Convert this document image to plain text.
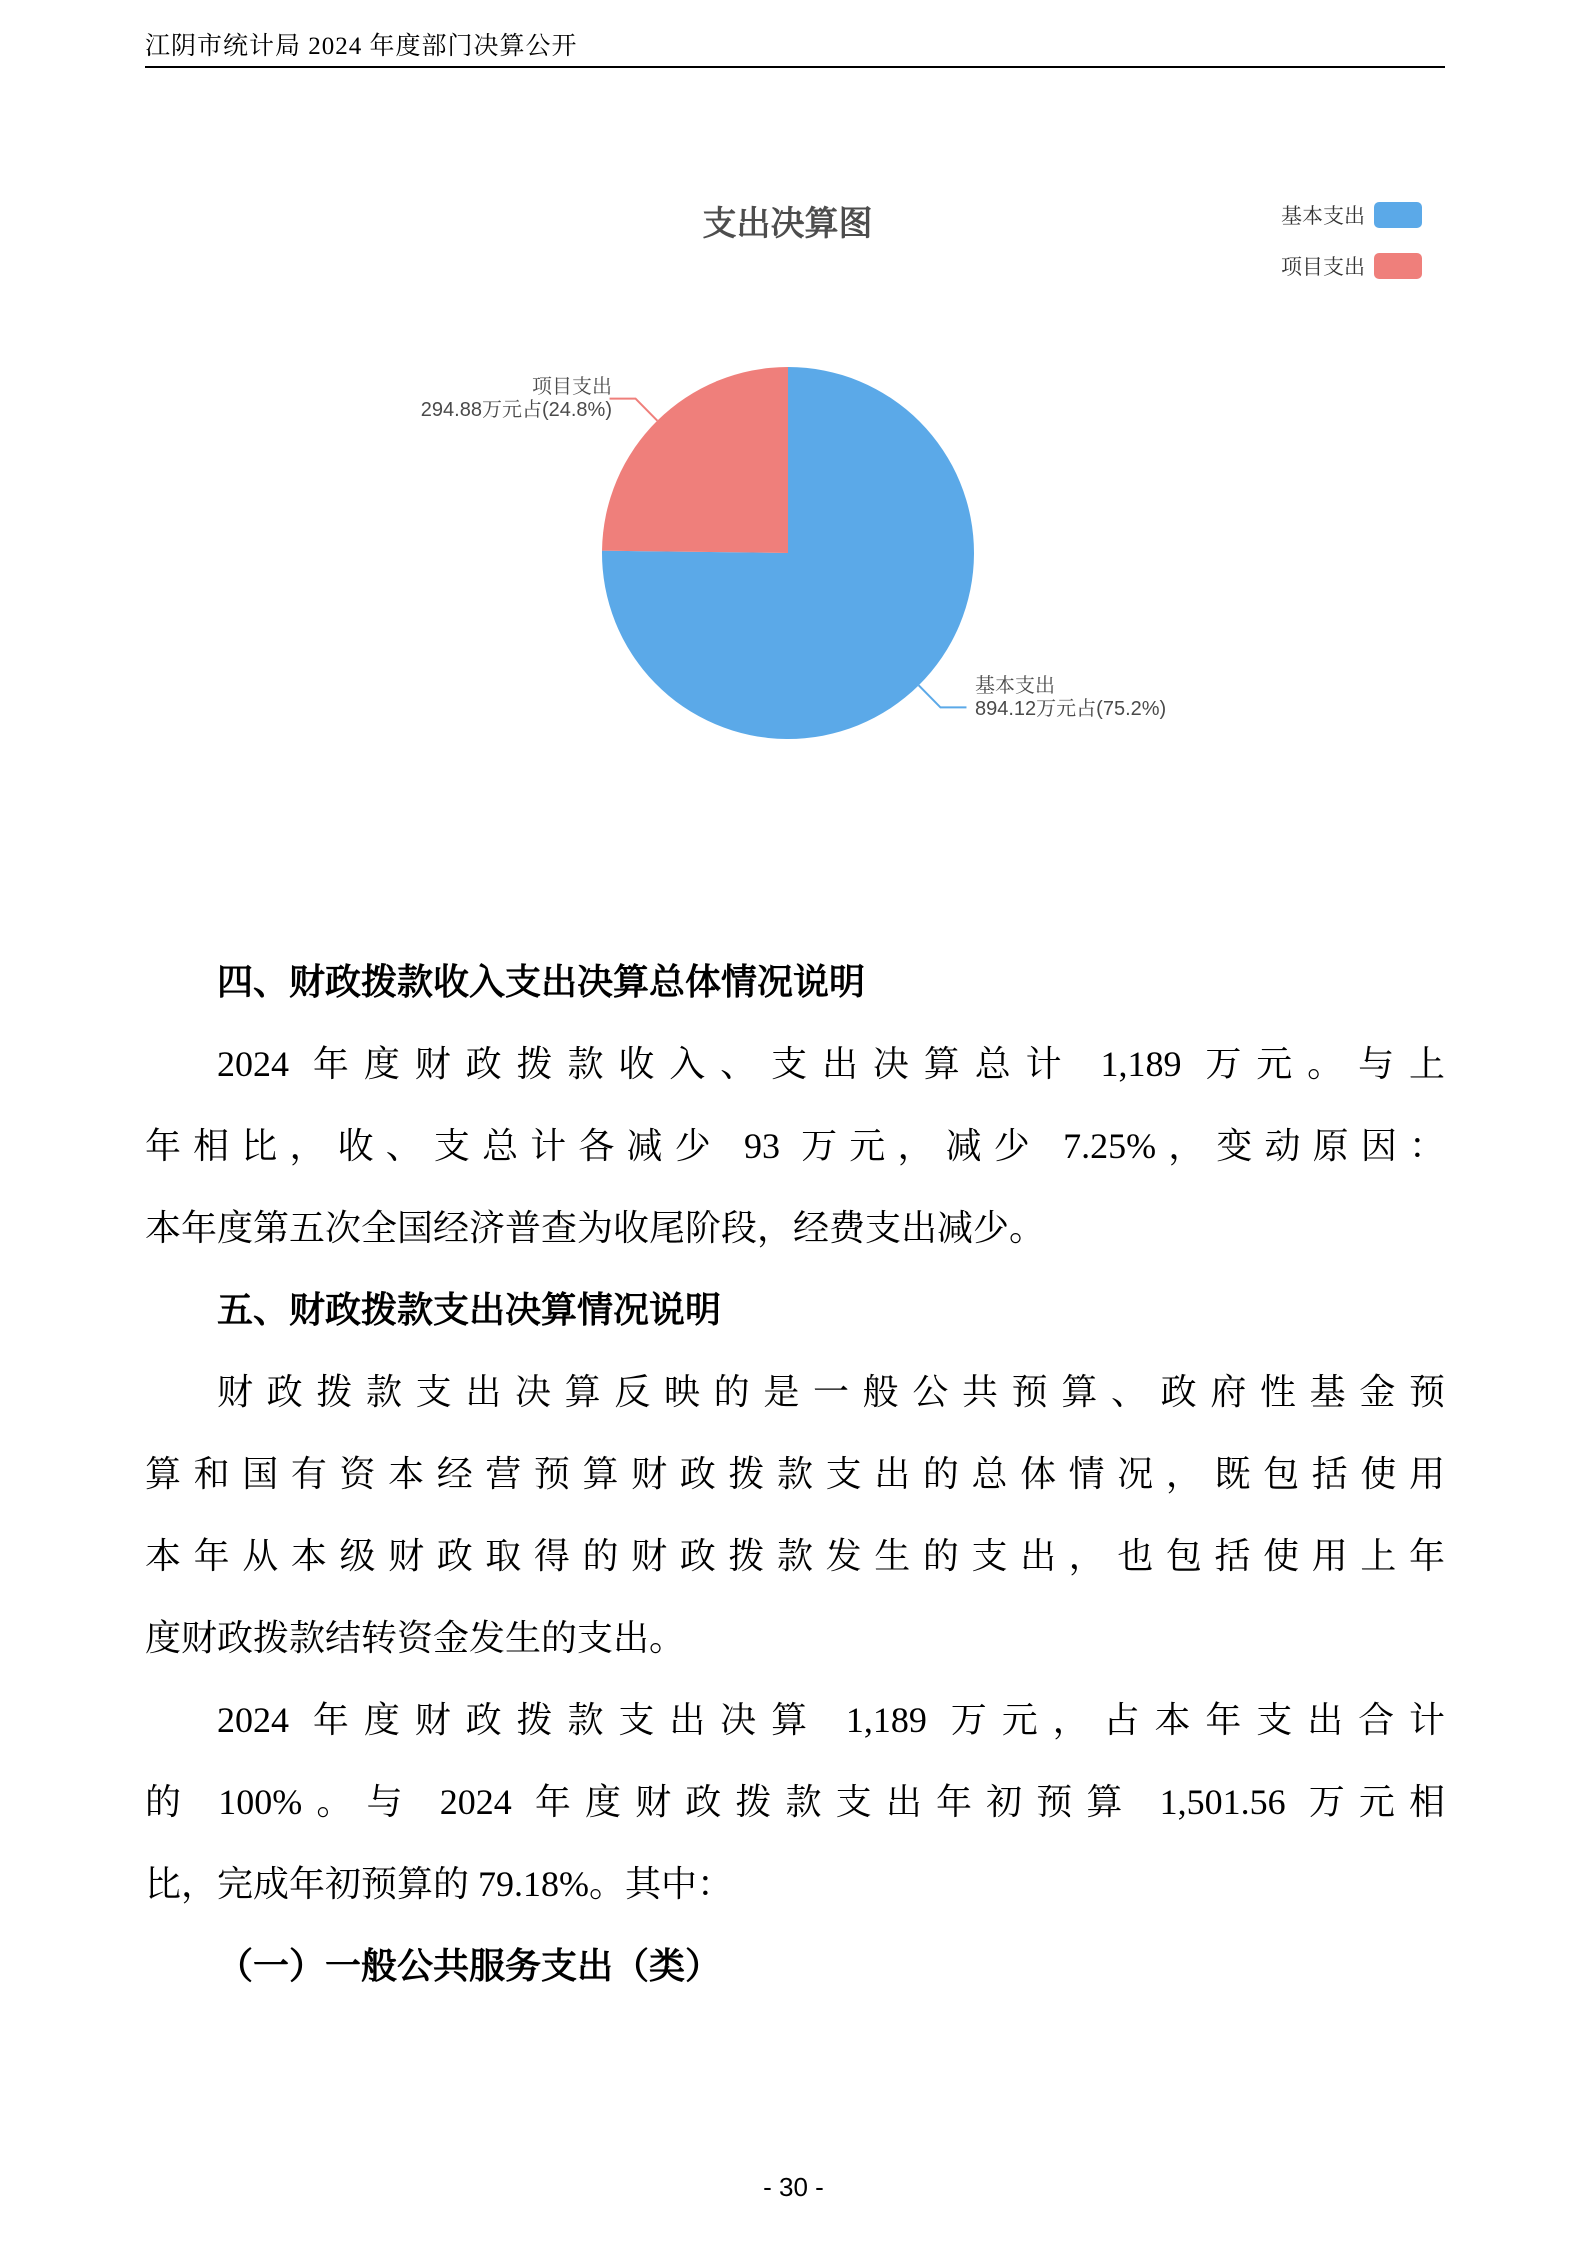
江阴市统计局 2024 年度部门决算公开
支出决算图	基本支出
项目支出
项目支出
294.88万元占(24.8%)
基本支出
894.12万元占(75.2%)
四、财政拨款收入支出决算总体情况说明
2024 年度财政拨款收入、支出决算总计 1,189 万元。与上
年相比，收、支总计各减少 93 万元，减少 7.25%，变动原因：
本年度第五次全国经济普查为收尾阶段，经费支出减少。
五、财政拨款支出决算情况说明
财政拨款支出决算反映的是一般公共预算、政府性基金预
算和国有资本经营预算财政拨款支出的总体情况，既包括使用
本年从本级财政取得的财政拨款发生的支出，也包括使用上年
度财政拨款结转资金发生的支出。
2024 年度财政拨款支出决算 1,189 万元，占本年支出合计
的 100%。与 2024 年度财政拨款支出年初预算 1,501.56 万元相
比，完成年初预算的 79.18%。其中：
（一）一般公共服务支出（类）
- 30 -
